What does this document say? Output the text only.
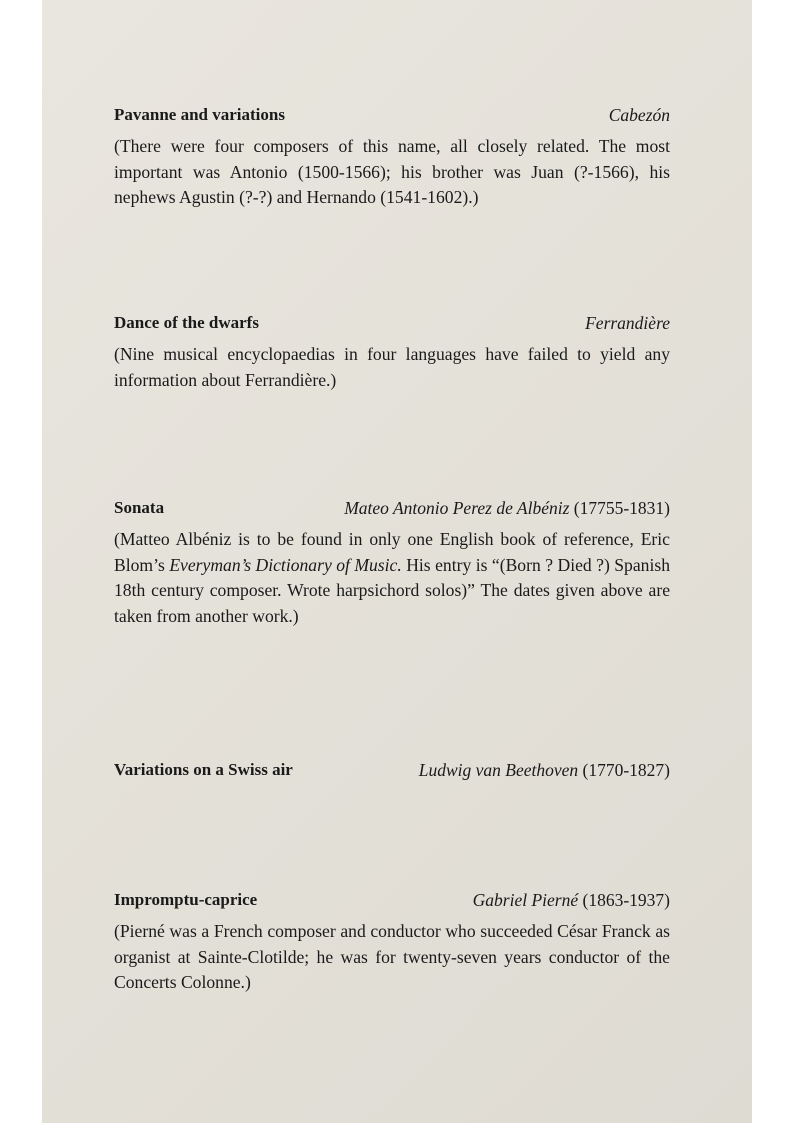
Pavanne and variations	Cabezón
(There were four composers of this name, all closely related. The most important was Antonio (1500-1566); his brother was Juan (?-1566), his nephews Agustin (?-?) and Hernando (1541-1602).)
Dance of the dwarfs	Ferrandière
(Nine musical encyclopaedias in four languages have failed to yield any information about Ferrandière.)
Sonata	Mateo Antonio Perez de Albéniz (17755-1831)
(Matteo Albéniz is to be found in only one English book of reference, Eric Blom’s Everyman’s Dictionary of Music. His entry is “(Born ? Died ?) Spanish 18th century composer. Wrote harpsichord solos)” The dates given above are taken from another work.)
Variations on a Swiss air	Ludwig van Beethoven (1770-1827)
Impromptu-caprice	Gabriel Pierné (1863-1937)
(Pierné was a French composer and conductor who succeeded César Franck as organist at Sainte-Clotilde; he was for twenty-seven years conductor of the Concerts Colonne.)
